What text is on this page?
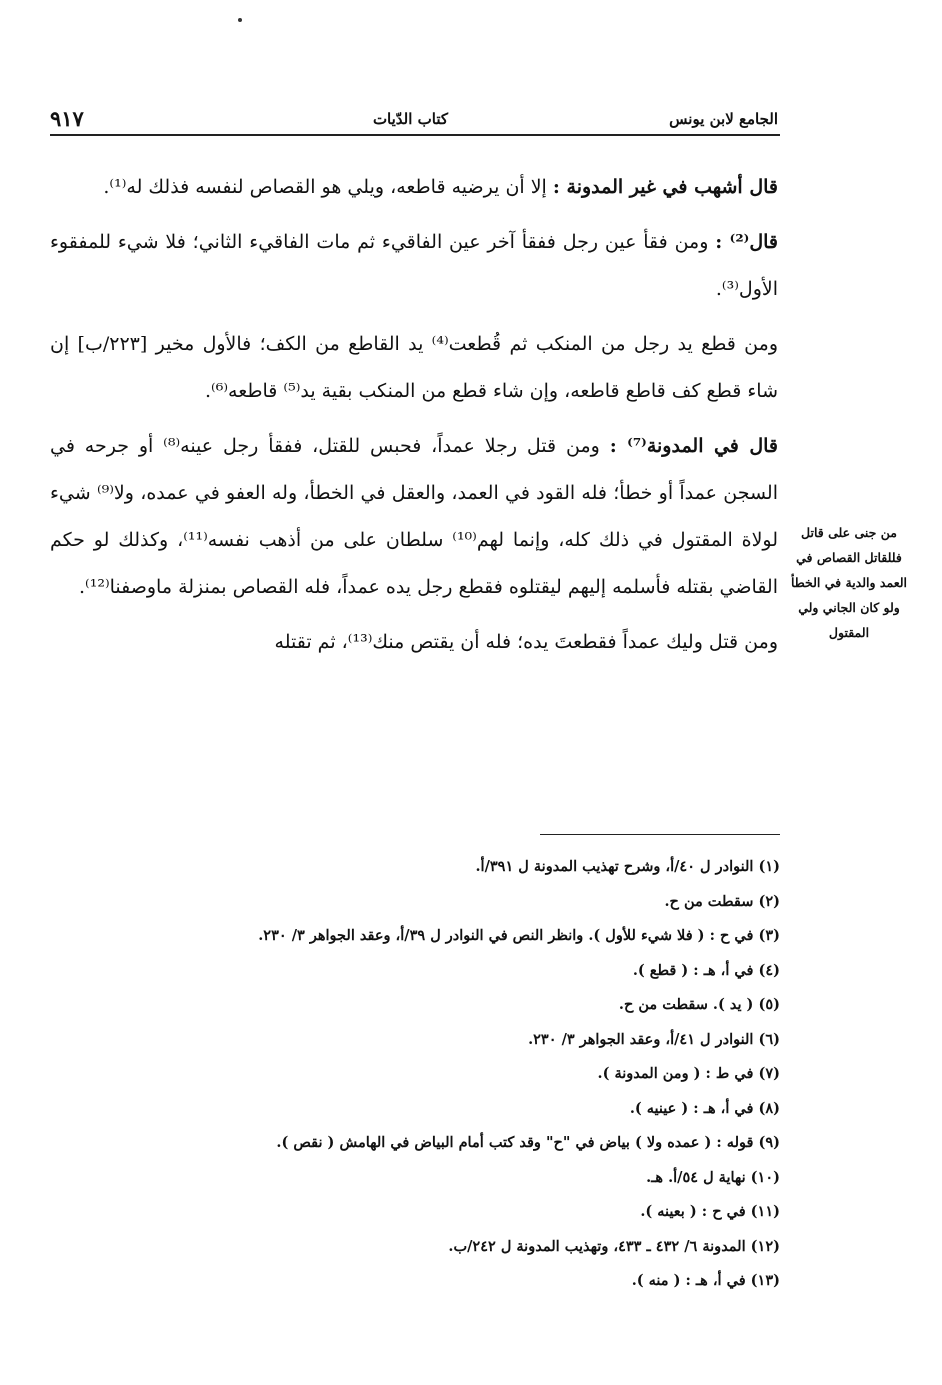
الجامع لابن يونس
كتاب الدّيات
٩١٧

قال أشهب في غير المدونة : إلا أن يرضيه قاطعه، ويلي هو القصاص لنفسه فذلك له⁽¹⁾.

قال⁽²⁾ : ومن فقأ عين رجل ففقأ آخر عين الفاقيء ثم مات الفاقيء الثاني؛ فلا شيء للمفقوء الأول⁽³⁾.

ومن قطع يد رجل من المنكب ثم قُطعت⁽⁴⁾ يد القاطع من الكف؛ فالأول مخير [٢٢٣/ب] إن شاء قطع كف قاطع قاطعه، وإن شاء قطع من المنكب بقية يد⁽⁵⁾ قاطعه⁽⁶⁾.

قال في المدونة⁽⁷⁾ : ومن قتل رجلا عمداً، فحبس للقتل، ففقأ رجل عينه⁽⁸⁾ أو جرحه في السجن عمداً أو خطأ؛ فله القود في العمد، والعقل في الخطأ، وله العفو في عمده، ولا⁽⁹⁾ شيء لولاة المقتول في ذلك كله، وإنما لهم⁽¹⁰⁾ سلطان على من أذهب نفسه⁽¹¹⁾، وكذلك لو حكم القاضي بقتله فأسلمه إليهم ليقتلوه فقطع رجل يده عمداً، فله القصاص بمنزلة ماوصفنا⁽¹²⁾.

ومن قتل وليك عمداً فقطعتَ يده؛ فله أن يقتص منك⁽¹³⁾، ثم تقتله

من جنى على قاتل فللقاتل القصاص في العمد والدية في الخطأ ولو كان الجاني ولي المقتول
(١) النوادر ل ٤٠/أ، وشرح تهذيب المدونة ل ٣٩١/أ.
(٢) سقطت من ح.
(٣) في ح : ( فلا شيء للأول ). وانظر النص في النوادر ل ٣٩/أ، وعقد الجواهر ٣/ ٢٣٠.
(٤) في أ، هـ : ( قطع ).
(٥) ( يد ). سقطت من ح.
(٦) النوادر ل ٤١/أ، وعقد الجواهر ٣/ ٢٣٠.
(٧) في ط : ( ومن المدونة ).
(٨) في أ، هـ : ( عينيه ).
(٩) قوله : ( عمده ولا ) بياض في "ح" وقد كتب أمام البياض في الهامش ( نقص ).
(١٠) نهاية ل ٥٤/أ. هـ.
(١١) في ح : ( بعينه ).
(١٢) المدونة ٦/ ٤٣٢ ـ ٤٣٣، وتهذيب المدونة ل ٢٤٢/ب.
(١٣) في أ، هـ : ( منه ).
